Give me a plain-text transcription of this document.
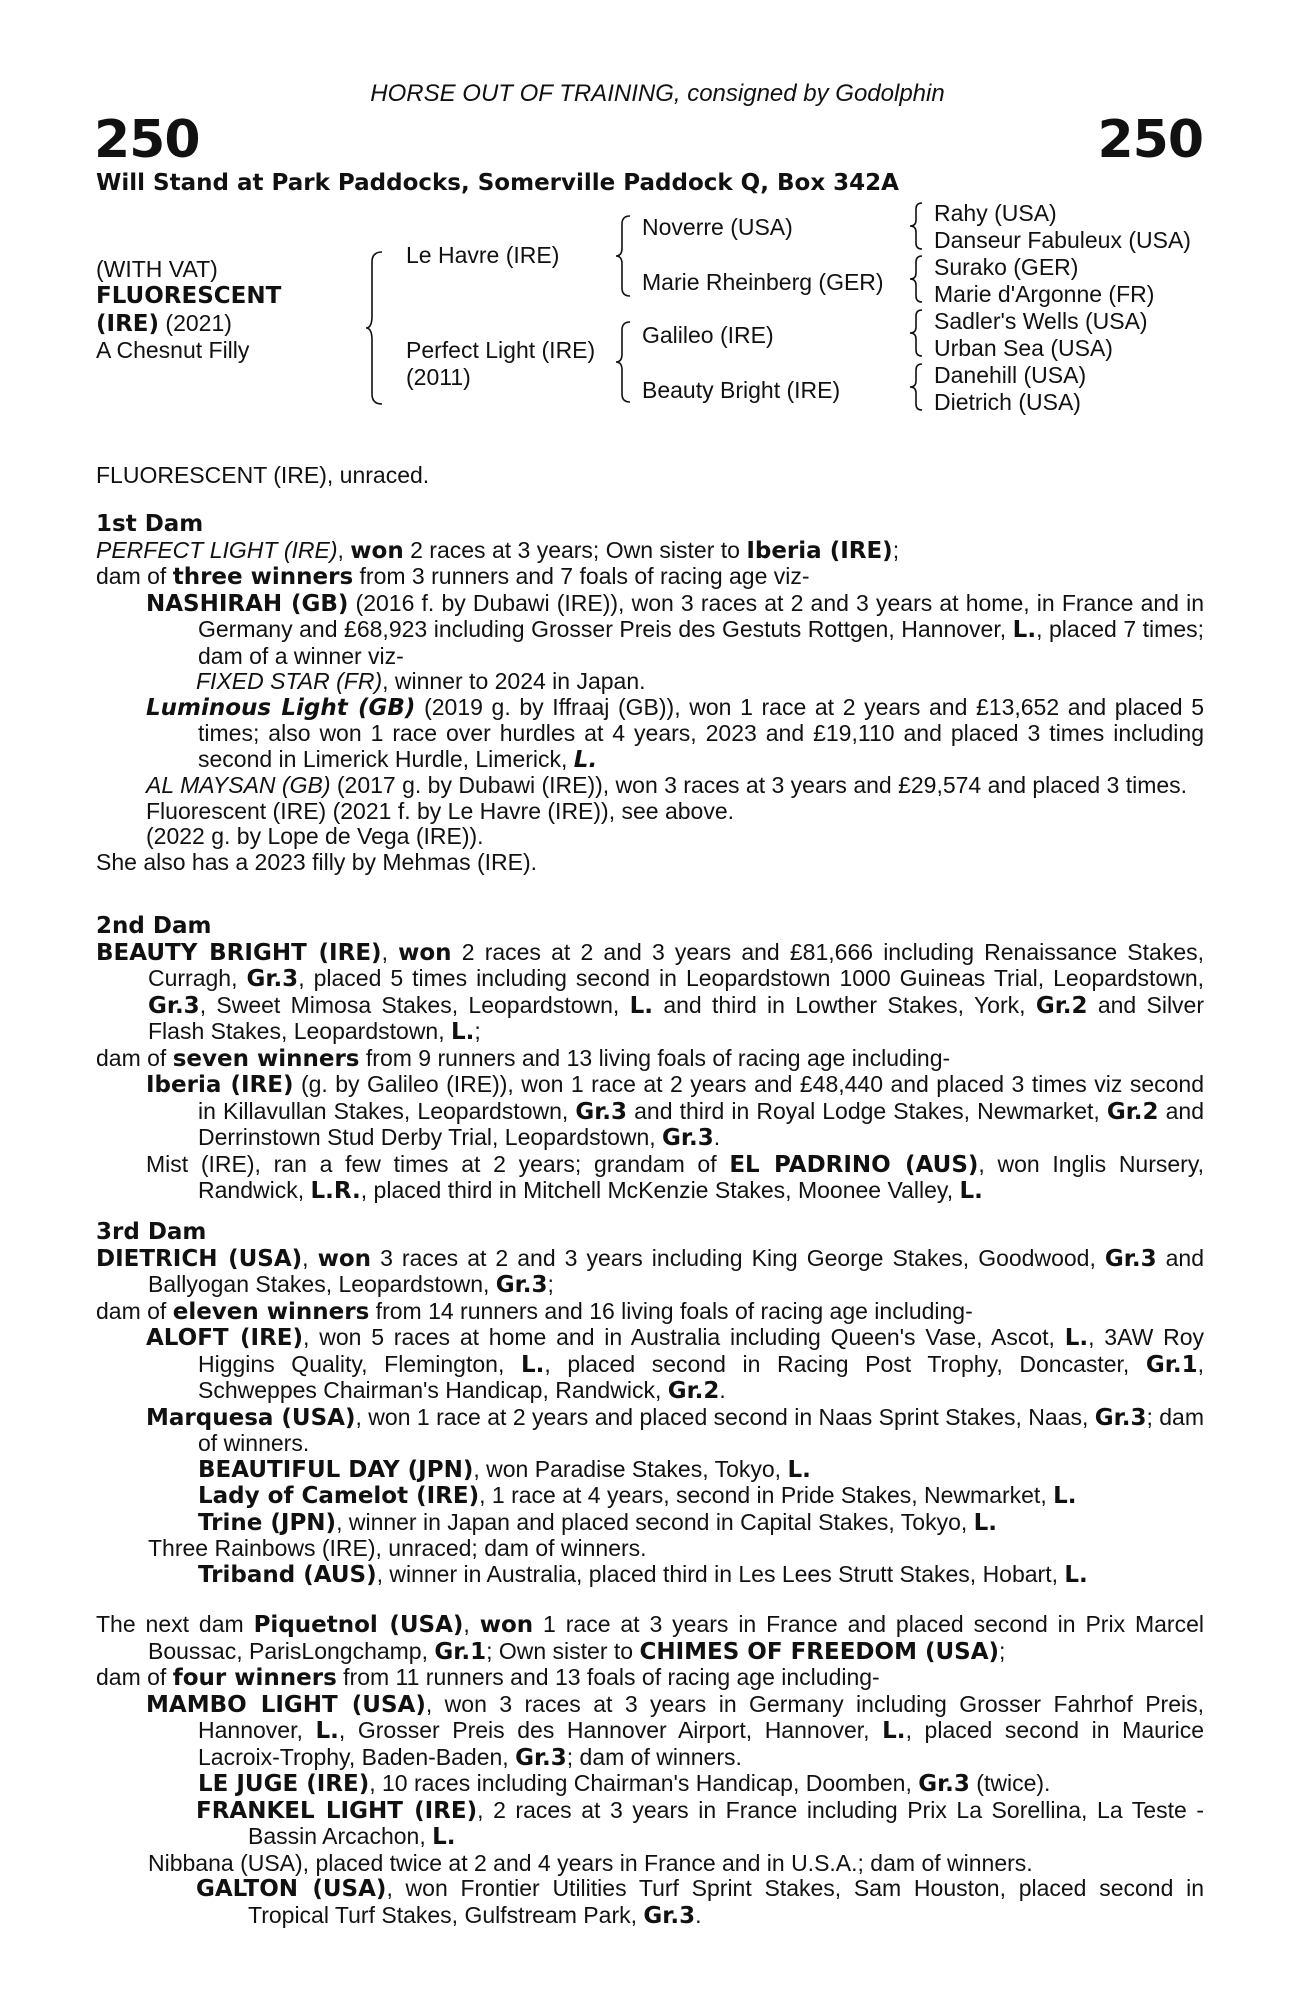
HORSE OUT OF TRAINING, consigned by Godolphin
250	250
Will Stand at Park Paddocks, Somerville Paddock Q, Box 342A
(WITH VAT)
FLUORESCENT
(IRE) (2021)
A Chesnut Filly
Le Havre (IRE)
Perfect Light (IRE)
(2011)
Noverre (USA)
Marie Rheinberg (GER)
Galileo (IRE)
Beauty Bright (IRE)
Rahy (USA)
Danseur Fabuleux (USA)
Surako (GER)
Marie d'Argonne (FR)
Sadler's Wells (USA)
Urban Sea (USA)
Danehill (USA)
Dietrich (USA)
FLUORESCENT (IRE), unraced.

1st Dam

PERFECT LIGHT (IRE), won 2 races at 3 years; Own sister to Iberia (IRE);

dam of three winners from 3 runners and 7 foals of racing age viz-

NASHIRAH (GB) (2016 f. by Dubawi (IRE)), won 3 races at 2 and 3 years at home, in France and in Germany and £68,923 including Grosser Preis des Gestuts Rottgen, Hannover, L., placed 7 times; dam of a winner viz-

FIXED STAR (FR), winner to 2024 in Japan.

Luminous Light (GB) (2019 g. by Iffraaj (GB)), won 1 race at 2 years and £13,652 and placed 5 times; also won 1 race over hurdles at 4 years, 2023 and £19,110 and placed 3 times including second in Limerick Hurdle, Limerick, L.

AL MAYSAN (GB) (2017 g. by Dubawi (IRE)), won 3 races at 3 years and £29,574 and placed 3 times.

Fluorescent (IRE) (2021 f. by Le Havre (IRE)), see above.

(2022 g. by Lope de Vega (IRE)).

She also has a 2023 filly by Mehmas (IRE).

2nd Dam

BEAUTY BRIGHT (IRE), won 2 races at 2 and 3 years and £81,666 including Renaissance Stakes, Curragh, Gr.3, placed 5 times including second in Leopardstown 1000 Guineas Trial, Leopardstown, Gr.3, Sweet Mimosa Stakes, Leopardstown, L. and third in Lowther Stakes, York, Gr.2 and Silver Flash Stakes, Leopardstown, L.;

dam of seven winners from 9 runners and 13 living foals of racing age including-

Iberia (IRE) (g. by Galileo (IRE)), won 1 race at 2 years and £48,440 and placed 3 times viz second in Killavullan Stakes, Leopardstown, Gr.3 and third in Royal Lodge Stakes, Newmarket, Gr.2 and Derrinstown Stud Derby Trial, Leopardstown, Gr.3.

Mist (IRE), ran a few times at 2 years; grandam of EL PADRINO (AUS), won Inglis Nursery, Randwick, L.R., placed third in Mitchell McKenzie Stakes, Moonee Valley, L.

3rd Dam

DIETRICH (USA), won 3 races at 2 and 3 years including King George Stakes, Goodwood, Gr.3 and Ballyogan Stakes, Leopardstown, Gr.3;

dam of eleven winners from 14 runners and 16 living foals of racing age including-

ALOFT (IRE), won 5 races at home and in Australia including Queen's Vase, Ascot, L., 3AW Roy Higgins Quality, Flemington, L., placed second in Racing Post Trophy, Doncaster, Gr.1, Schweppes Chairman's Handicap, Randwick, Gr.2.

Marquesa (USA), won 1 race at 2 years and placed second in Naas Sprint Stakes, Naas, Gr.3; dam of winners.

BEAUTIFUL DAY (JPN), won Paradise Stakes, Tokyo, L.

Lady of Camelot (IRE), 1 race at 4 years, second in Pride Stakes, Newmarket, L.

Trine (JPN), winner in Japan and placed second in Capital Stakes, Tokyo, L.

Three Rainbows (IRE), unraced; dam of winners.

Triband (AUS), winner in Australia, placed third in Les Lees Strutt Stakes, Hobart, L.

The next dam Piquetnol (USA), won 1 race at 3 years in France and placed second in Prix Marcel Boussac, ParisLongchamp, Gr.1; Own sister to CHIMES OF FREEDOM (USA);

dam of four winners from 11 runners and 13 foals of racing age including-

MAMBO LIGHT (USA), won 3 races at 3 years in Germany including Grosser Fahrhof Preis, Hannover, L., Grosser Preis des Hannover Airport, Hannover, L., placed second in Maurice Lacroix-Trophy, Baden-Baden, Gr.3; dam of winners.

LE JUGE (IRE), 10 races including Chairman's Handicap, Doomben, Gr.3 (twice).

FRANKEL LIGHT (IRE), 2 races at 3 years in France including Prix La Sorellina, La Teste - Bassin Arcachon, L.

Nibbana (USA), placed twice at 2 and 4 years in France and in U.S.A.; dam of winners.

GALTON (USA), won Frontier Utilities Turf Sprint Stakes, Sam Houston, placed second in Tropical Turf Stakes, Gulfstream Park, Gr.3.
